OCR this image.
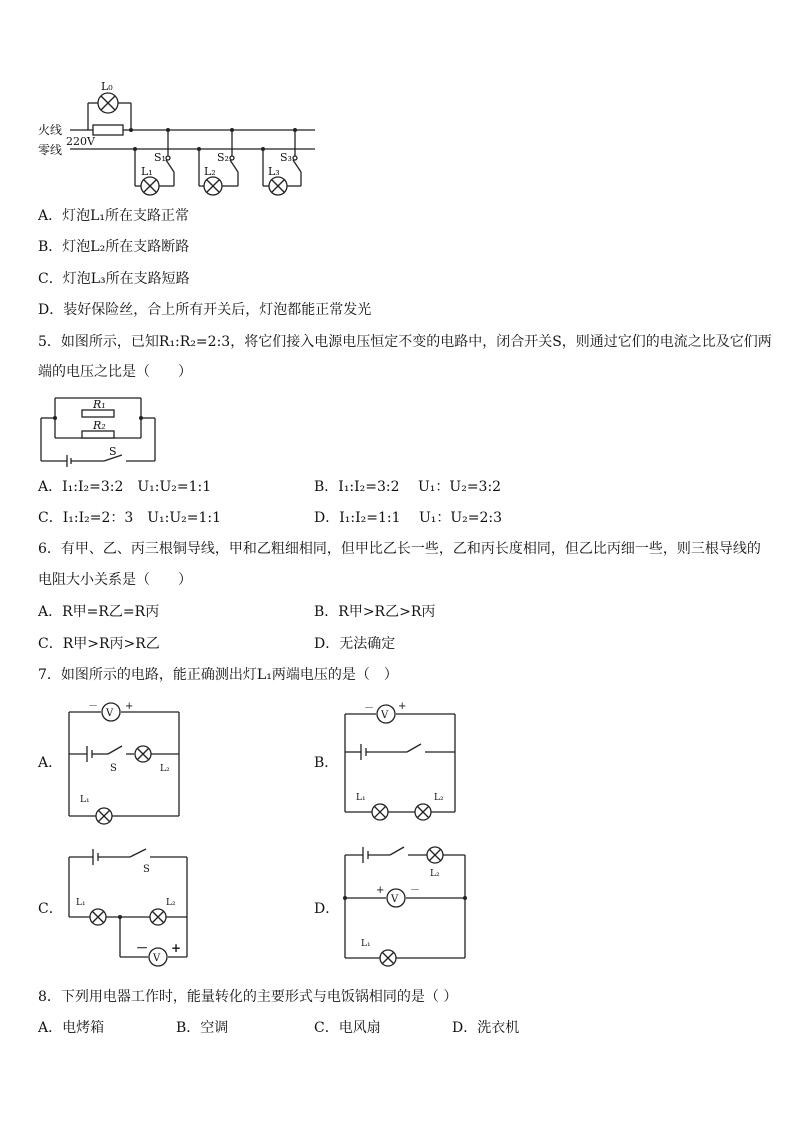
L₀
火线
零线
220V
L₁
S₁
L₂
S₂
L₃
S₃
A．灯泡L₁所在支路正常
B．灯泡L₂所在支路断路
C．灯泡L₃所在支路短路
D．装好保险丝，合上所有开关后，灯泡都能正常发光
5．如图所示，已知R₁:R₂=2:3，将它们接入电源电压恒定不变的电路中，闭合开关S，则通过它们的电流之比及它们两
端的电压之比是（　　）
R₁
R₂
S
A．I₁:I₂=3:2　U₁:U₂=1:1	B．I₁:I₂=3:2　 U₁：U₂=3:2
C．I₁:I₂=2：3　U₁:U₂=1:1	D．I₁:I₂=1:1　 U₁：U₂=2:3
6．有甲、乙、丙三根铜导线，甲和乙粗细相同，但甲比乙长一些，乙和丙长度相同，但乙比丙细一些，则三根导线的
电阻大小关系是（　　）
A．R甲=R乙=R丙	B．R甲>R乙>R丙
C．R甲>R丙>R乙	D．无法确定
7．如图所示的电路，能正确测出灯L₁两端电压的是（　）
A．	B．
C．	D．
V
－	+
S	L₂
L₁
V
－ +
L₁	L₂
S
L₁	L₂
V
－ +
L₂
V
+	－
L₁
8．下列用电器工作时，能量转化的主要形式与电饭锅相同的是（ ）
A．电烤箱	B．空调	C．电风扇	D．洗衣机
